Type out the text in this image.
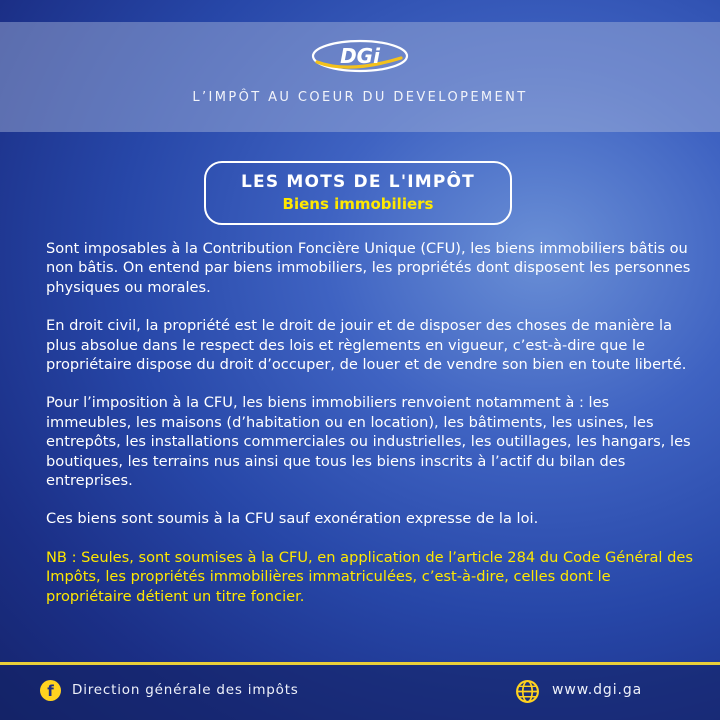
DGi
L’IMPÔT AU COEUR DU DEVELOPEMENT
LES MOTS DE L'IMPÔT
Biens immobiliers

Sont imposables à la Contribution Foncière Unique (CFU), les biens immobiliers bâtis ou non bâtis. On entend par biens immobiliers, les propriétés dont disposent les personnes physiques ou morales.

En droit civil, la propriété est le droit de jouir et de disposer des choses de manière la plus absolue dans le respect des lois et règlements en vigueur, c’est-à-dire que le propriétaire dispose du droit d’occuper, de louer et de vendre son bien en toute liberté.

Pour l’imposition à la CFU, les biens immobiliers renvoient notamment à : les immeubles, les maisons (d’habitation ou en location), les bâtiments, les usines, les entrepôts, les installations commerciales ou industrielles, les outillages, les hangars, les boutiques, les terrains nus ainsi que tous les biens inscrits à l’actif du bilan des entreprises.

Ces biens sont soumis à la CFU sauf exonération expresse de la loi.

NB : Seules, sont soumises à la CFU, en application de l’article 284 du Code Général des Impôts, les propriétés immobilières immatriculées, c’est-à-dire, celles dont le propriétaire détient un titre foncier.

f	Direction générale des impôts	www.dgi.ga
